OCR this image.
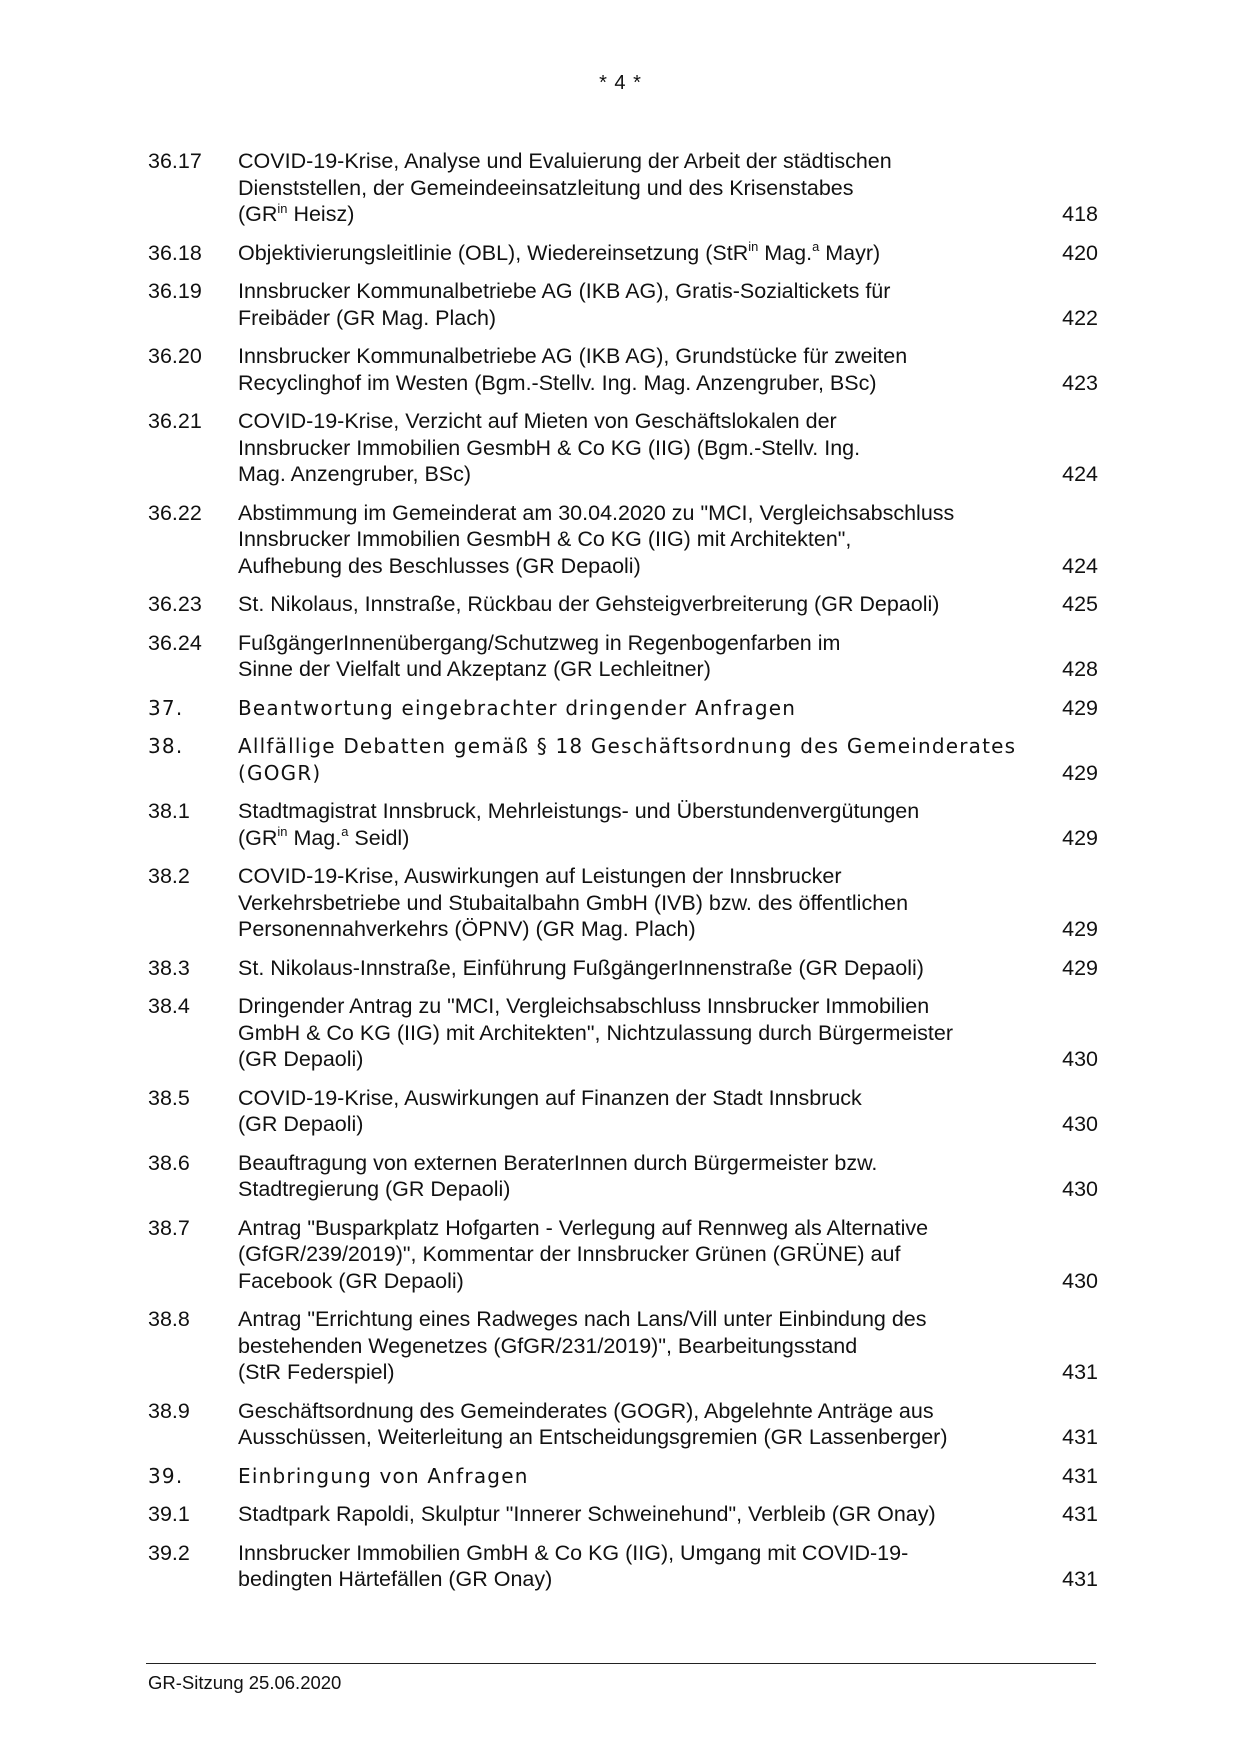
* 4 *
36.17	COVID-19-Krise, Analyse und Evaluierung der Arbeit der städtischen
Dienststellen, der Gemeindeeinsatzleitung und des Krisenstabes
($GR^{in}$ Heisz)	418
36.18	Objektivierungsleitlinie (OBL), Wiedereinsetzung (StR$^{in}$ Mag.$^a$ Mayr)	420
36.19	Innsbrucker Kommunalbetriebe AG (IKB AG), Gratis-Sozialtickets für
Freibäder (GR Mag. Plach)	422
36.20	Innsbrucker Kommunalbetriebe AG (IKB AG), Grundstücke für zweiten
Recyclinghof im Westen (Bgm.-Stellv. Ing. Mag. Anzengruber, BSc)	423
36.21	COVID-19-Krise, Verzicht auf Mieten von Geschäftslokalen der
Innsbrucker Immobilien GesmbH & Co KG (IIG) (Bgm.-Stellv. Ing.
Mag. Anzengruber, BSc)	424
36.22	Abstimmung im Gemeinderat am 30.04.2020 zu "MCI, Vergleichsabschluss
Innsbrucker Immobilien GesmbH & Co KG (IIG) mit Architekten",
Aufhebung des Beschlusses (GR Depaoli)	424
36.23	St. Nikolaus, Innstraße, Rückbau der Gehsteigverbreiterung (GR Depaoli)	425
36.24	FußgängerInnenübergang/Schutzweg in Regenbogenfarben im
Sinne der Vielfalt und Akzeptanz (GR Lechleitner)	428
37.	Beantwortung eingebrachter dringender Anfragen	429
38.	Allfällige Debatten gemäß § 18 Geschäftsordnung des Gemeinderates
(GOGR)	429
38.1	Stadtmagistrat Innsbruck, Mehrleistungs- und Überstundenvergütungen
($GR^{in}$ Mag.$^a$ Seidl)	429
38.2	COVID-19-Krise, Auswirkungen auf Leistungen der Innsbrucker
Verkehrsbetriebe und Stubaitalbahn GmbH (IVB) bzw. des öffentlichen
Personennahverkehrs (ÖPNV) (GR Mag. Plach)	429
38.3	St. Nikolaus-Innstraße, Einführung FußgängerInnenstraße (GR Depaoli)	429
38.4	Dringender Antrag zu "MCI, Vergleichsabschluss Innsbrucker Immobilien
GmbH & Co KG (IIG) mit Architekten", Nichtzulassung durch Bürgermeister
(GR Depaoli)	430
38.5	COVID-19-Krise, Auswirkungen auf Finanzen der Stadt Innsbruck
(GR Depaoli)	430
38.6	Beauftragung von externen BeraterInnen durch Bürgermeister bzw.
Stadtregierung (GR Depaoli)	430
38.7	Antrag "Busparkplatz Hofgarten - Verlegung auf Rennweg als Alternative
(GfGR/239/2019)", Kommentar der Innsbrucker Grünen (GRÜNE) auf
Facebook (GR Depaoli)	430
38.8	Antrag "Errichtung eines Radweges nach Lans/Vill unter Einbindung des
bestehenden Wegenetzes (GfGR/231/2019)", Bearbeitungsstand
(StR Federspiel)	431
38.9	Geschäftsordnung des Gemeinderates (GOGR), Abgelehnte Anträge aus
Ausschüssen, Weiterleitung an Entscheidungsgremien (GR Lassenberger)	431
39.	Einbringung von Anfragen	431
39.1	Stadtpark Rapoldi, Skulptur "Innerer Schweinehund", Verbleib (GR Onay)	431
39.2	Innsbrucker Immobilien GmbH & Co KG (IIG), Umgang mit COVID-19-
bedingten Härtefällen (GR Onay)	431
GR-Sitzung 25.06.2020
